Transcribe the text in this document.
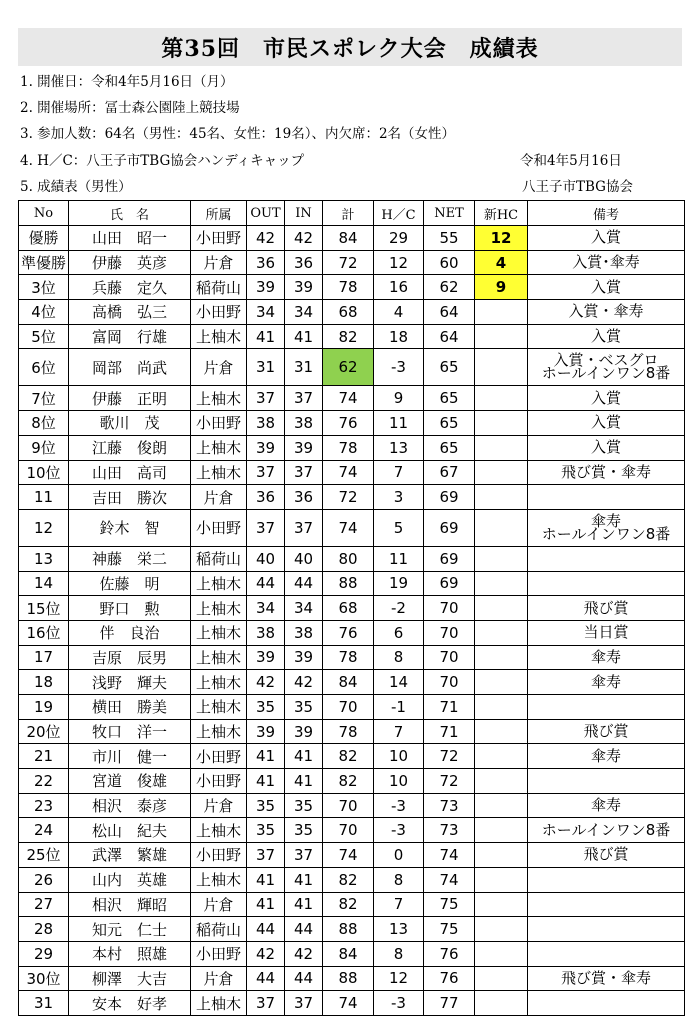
第35回　市民スポレク大会　成績表
1. 開催日：令和4年5月16日（月）
2. 開催場所：冨士森公園陸上競技場
3. 参加人数：64名（男性：45名、女性：19名）、内欠席：2名（女性）
4. H／C：八王子市TBG協会ハンディキャップ	令和4年5月16日
5. 成績表（男性）	八王子市TBG協会
No	氏　名	所属	OUT	IN	計	H／C	NET	新HC	備考
優勝	山田　昭一	小田野	42	42	84	29	55	12	入賞

準優勝	伊藤　英彦	片倉	36	36	72	12	60	4	入賞･傘寿

3位	兵藤　定久	稲荷山	39	39	78	16	62	9	入賞

4位	高橋　弘三	小田野	34	34	68	4	64		入賞・傘寿

5位	富岡　行雄	上柚木	41	41	82	18	64		入賞

6位	岡部　尚武	片倉	31	31	62	-3	65		入賞・ベスグロ
ホールインワン8番

7位	伊藤　正明	上柚木	37	37	74	9	65		入賞

8位	歌川　茂	小田野	38	38	76	11	65		入賞

9位	江藤　俊朗	上柚木	39	39	78	13	65		入賞

10位	山田　高司	上柚木	37	37	74	7	67		飛び賞・傘寿

11	吉田　勝次	片倉	36	36	72	3	69		

12	鈴木　智	小田野	37	37	74	5	69		傘寿
ホールインワン8番

13	神藤　栄二	稲荷山	40	40	80	11	69		

14	佐藤　明	上柚木	44	44	88	19	69		

15位	野口　勲	上柚木	34	34	68	-2	70		飛び賞

16位	伴　良治	上柚木	38	38	76	6	70		当日賞

17	吉原　辰男	上柚木	39	39	78	8	70		傘寿

18	浅野　輝夫	上柚木	42	42	84	14	70		傘寿

19	横田　勝美	上柚木	35	35	70	-1	71		

20位	牧口　洋一	上柚木	39	39	78	7	71		飛び賞

21	市川　健一	小田野	41	41	82	10	72		傘寿

22	宮道　俊雄	小田野	41	41	82	10	72		

23	相沢　泰彦	片倉	35	35	70	-3	73		傘寿

24	松山　紀夫	上柚木	35	35	70	-3	73		ホールインワン8番

25位	武澤　繁雄	小田野	37	37	74	0	74		飛び賞

26	山内　英雄	上柚木	41	41	82	8	74		

27	相沢　輝昭	片倉	41	41	82	7	75		

28	知元　仁士	稲荷山	44	44	88	13	75		

29	本村　照雄	小田野	42	42	84	8	76		

30位	柳澤　大吉	片倉	44	44	88	12	76		飛び賞・傘寿

31	安本　好孝	上柚木	37	37	74	-3	77		
